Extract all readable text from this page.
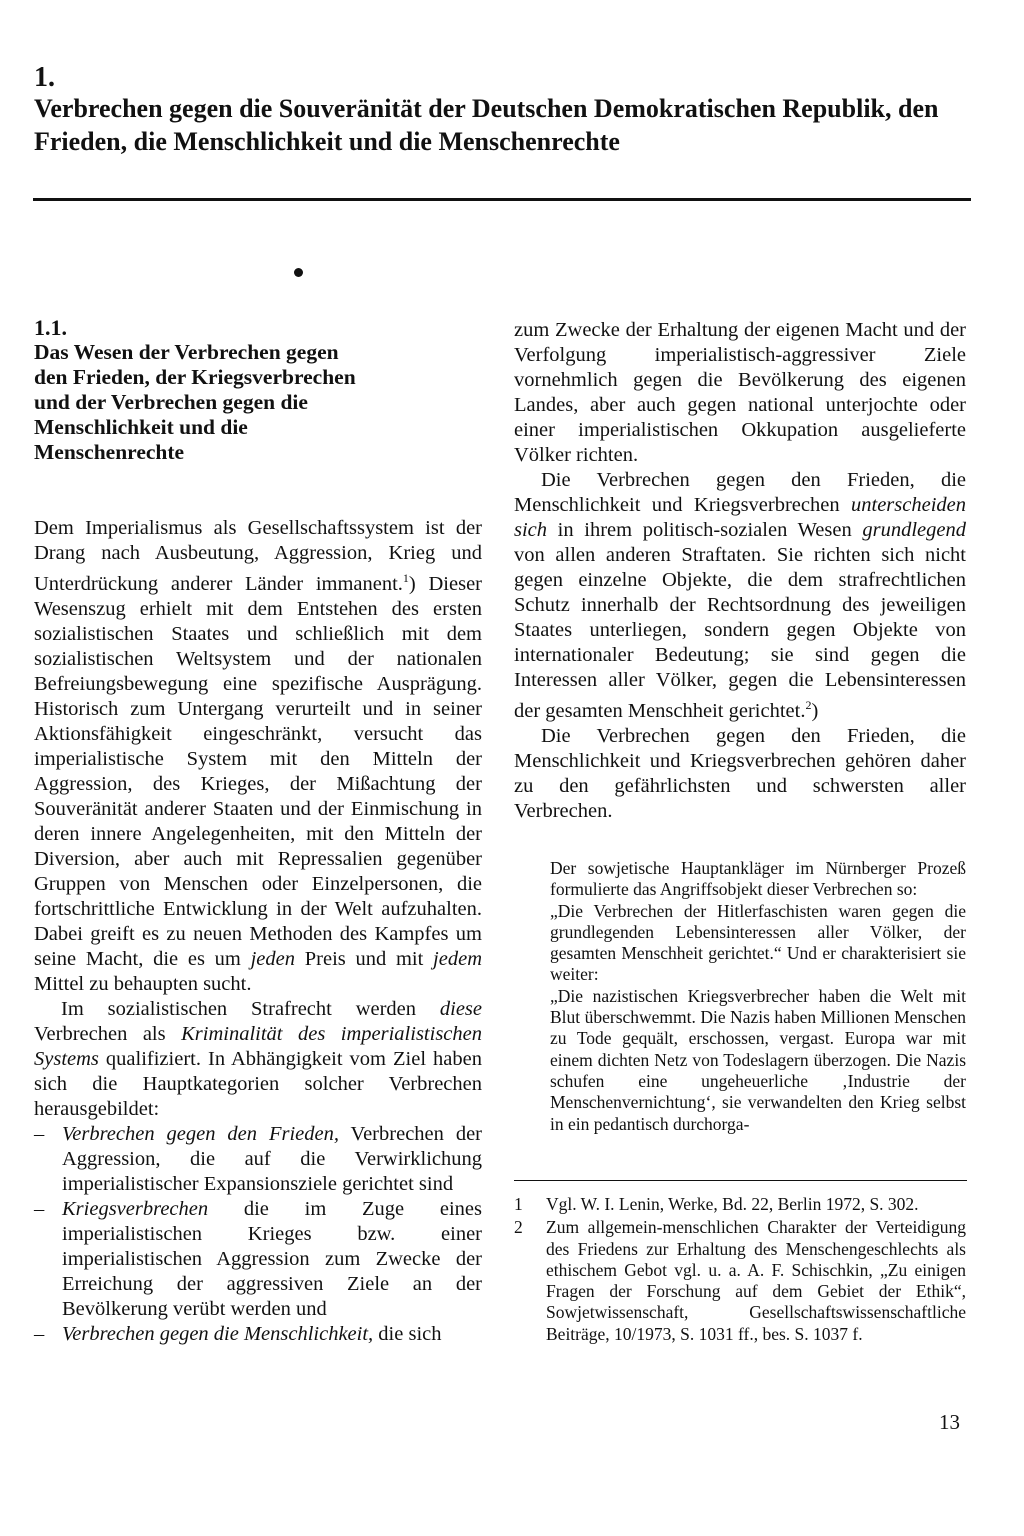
1.
Verbrechen gegen die Souveränität der Deutschen Demokratischen Republik, den Frieden, die Menschlichkeit und die Menschenrechte
1.1.
Das Wesen der Verbrechen gegen den Frieden, der Kriegsverbrechen und der Verbrechen gegen die Menschlichkeit und die Menschenrechte

Dem Imperialismus als Gesellschaftssystem ist der Drang nach Ausbeutung, Aggression, Krieg und Unterdrückung anderer Länder immanent.$^1$) Dieser Wesenszug erhielt mit dem Entstehen des ersten sozialistischen Staates und schließlich mit dem sozialistischen Weltsystem und der nationalen Befreiungsbewegung eine spezifische Ausprägung. Historisch zum Untergang verurteilt und in seiner Aktionsfähigkeit eingeschränkt, versucht das imperialistische System mit den Mitteln der Aggression, des Krieges, der Mißachtung der Souveränität anderer Staaten und der Einmischung in deren innere Angelegenheiten, mit den Mitteln der Diversion, aber auch mit Repressalien gegenüber Gruppen von Menschen oder Einzelpersonen, die fortschrittliche Entwicklung in der Welt aufzuhalten. Dabei greift es zu neuen Methoden des Kampfes um seine Macht, die es um jeden Preis und mit jedem Mittel zu behaupten sucht.

Im sozialistischen Strafrecht werden diese Verbrechen als Kriminalität des imperialistischen Systems qualifiziert. In Abhängigkeit vom Ziel haben sich die Hauptkategorien solcher Verbrechen herausgebildet:

– Verbrechen gegen den Frieden, Verbrechen der Aggression, die auf die Verwirklichung imperialistischer Expansionsziele gerichtet sind
– Kriegsverbrechen die im Zuge eines imperialistischen Krieges bzw. einer imperialistischen Aggression zum Zwecke der Erreichung der aggressiven Ziele an der Bevölkerung verübt werden und
– Verbrechen gegen die Menschlichkeit, die sich

zum Zwecke der Erhaltung der eigenen Macht und der Verfolgung imperialistisch-aggressiver Ziele vornehmlich gegen die Bevölkerung des eigenen Landes, aber auch gegen national unterjochte oder einer imperialistischen Okkupation ausgelieferte Völker richten.

Die Verbrechen gegen den Frieden, die Menschlichkeit und Kriegsverbrechen unterscheiden sich in ihrem politisch-sozialen Wesen grundlegend von allen anderen Straftaten. Sie richten sich nicht gegen einzelne Objekte, die dem strafrechtlichen Schutz innerhalb der Rechtsordnung des jeweiligen Staates unterliegen, sondern gegen Objekte von internationaler Bedeutung; sie sind gegen die Interessen aller Völker, gegen die Lebensinteressen der gesamten Menschheit gerichtet.$^2$)

Die Verbrechen gegen den Frieden, die Menschlichkeit und Kriegsverbrechen gehören daher zu den gefährlichsten und schwersten aller Verbrechen.

Der sowjetische Hauptankläger im Nürnberger Prozeß formulierte das Angriffsobjekt dieser Verbrechen so:

„Die Verbrechen der Hitlerfaschisten waren gegen die grundlegenden Lebensinteressen aller Völker, der gesamten Menschheit gerichtet.“ Und er charakterisiert sie weiter:

„Die nazistischen Kriegsverbrecher haben die Welt mit Blut überschwemmt. Die Nazis haben Millionen Menschen zu Tode gequält, erschossen, vergast. Europa war mit einem dichten Netz von Todeslagern überzogen. Die Nazis schufen eine ungeheuerliche ‚Industrie der Menschenvernichtung‘, sie verwandelten den Krieg selbst in ein pedantisch durchorga-

1	Vgl. W. I. Lenin, Werke, Bd. 22, Berlin 1972, S. 302.
2	Zum allgemein-menschlichen Charakter der Verteidigung des Friedens zur Erhaltung des Menschengeschlechts als ethischem Gebot vgl. u. a. A. F. Schischkin, „Zu einigen Fragen der Forschung auf dem Gebiet der Ethik“, Sowjetwissenschaft, Gesellschaftswissenschaftliche Beiträge, 10/1973, S. 1031 ff., bes. S. 1037 f.
13
